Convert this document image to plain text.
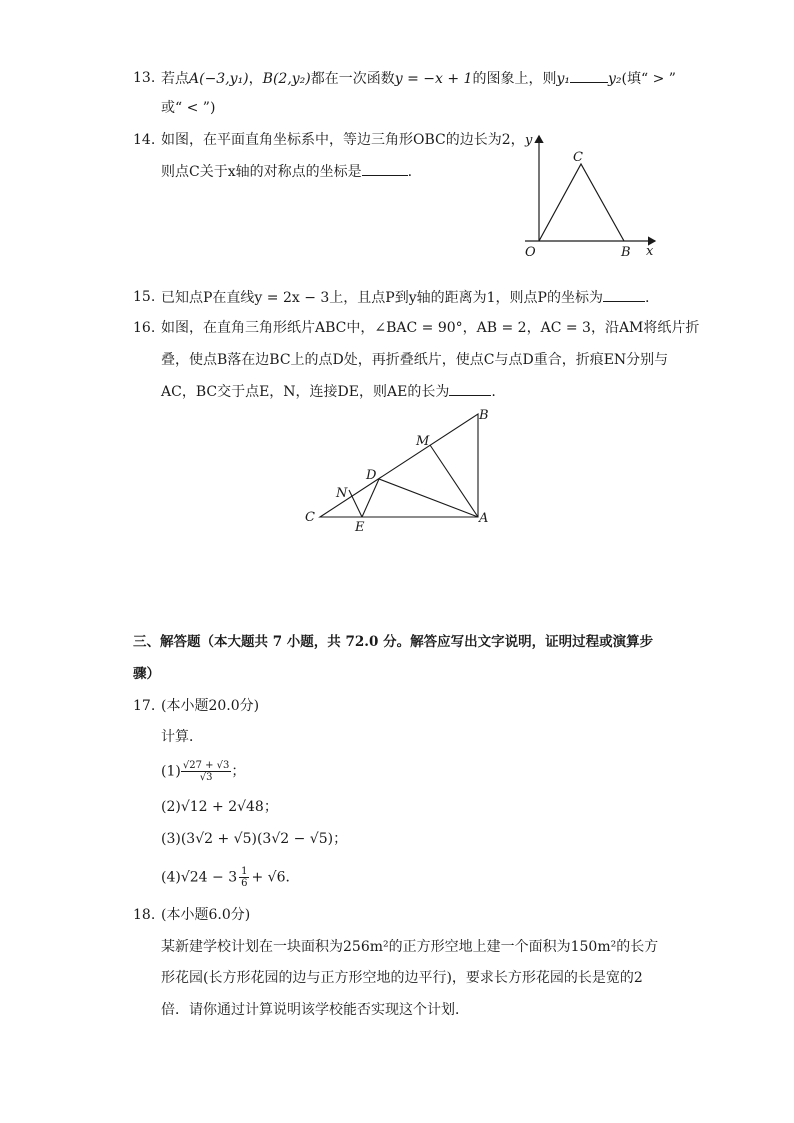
13. 若点A(−3,y₁)，B(2,y₂)都在一次函数y = −x + 1的图象上，则y₁	y₂(填“ > ”
或“ < ”)
14. 如图，在平面直角坐标系中，等边三角形OBC的边长为2，
则点C关于x轴的对称点的坐标是	.
C
O	B x
y
15. 已知点P在直线y = 2x − 3上，且点P到y轴的距离为1，则点P的坐标为	.
16. 如图，在直角三角形纸片ABC中，∠BAC = 90°，AB = 2，AC = 3，沿AM将纸片折
叠，使点B落在边BC上的点D处，再折叠纸片，使点C与点D重合，折痕EN分别与
AC，BC交于点E，N，连接DE，则AE的长为	.
B
M
D
N
C
E
A
三、解答题（本大题共 7 小题，共 72.0 分。解答应写出文字说明，证明过程或演算步
骤）
17. (本小题20.0分)
计算．
$(1) \frac{√27 + √3}{√3}$ ；
(2)√12 + 2√48；
(3)(3√2 + √5)(3√2 − √5)；
$(4)√24 - 3 \frac{1}{6} + √6$．
18. (本小题6.0分)
某新建学校计划在一块面积为256m²的正方形空地上建一个面积为150m²的长方
形花园(长方形花园的边与正方形空地的边平行)，要求长方形花园的长是宽的2
倍．请你通过计算说明该学校能否实现这个计划．
